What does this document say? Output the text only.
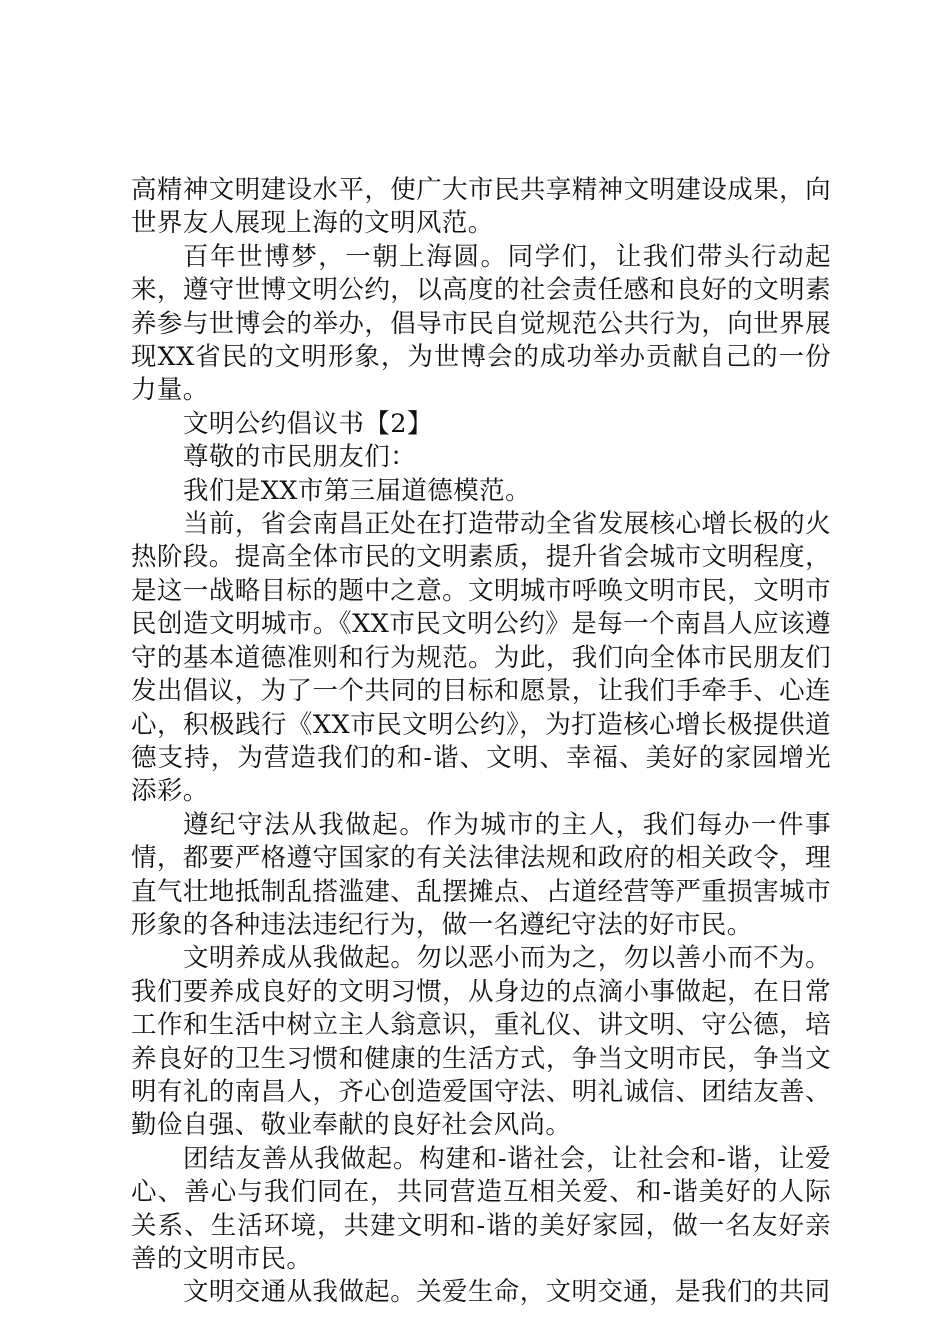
高精神文明建设水平，使广大市民共享精神文明建设成果，向世界友人展现上海的文明风范。

百年世博梦，一朝上海圆。同学们，让我们带头行动起来，遵守世博文明公约，以高度的社会责任感和良好的文明素养参与世博会的举办，倡导市民自觉规范公共行为，向世界展现XX省民的文明形象，为世博会的成功举办贡献自己的一份力量。

文明公约倡议书【2】

尊敬的市民朋友们：

我们是XX市第三届道德模范。

当前，省会南昌正处在打造带动全省发展核心增长极的火热阶段。提高全体市民的文明素质，提升省会城市文明程度，是这一战略目标的题中之意。文明城市呼唤文明市民，文明市民创造文明城市。《XX市民文明公约》是每一个南昌人应该遵守的基本道德准则和行为规范。为此，我们向全体市民朋友们发出倡议，为了一个共同的目标和愿景，让我们手牵手、心连心，积极践行《XX市民文明公约》，为打造核心增长极提供道德支持，为营造我们的和-谐、文明、幸福、美好的家园增光添彩。

遵纪守法从我做起。作为城市的主人，我们每办一件事情，都要严格遵守国家的有关法律法规和政府的相关政令，理直气壮地抵制乱搭滥建、乱摆摊点、占道经营等严重损害城市形象的各种违法违纪行为，做一名遵纪守法的好市民。

文明养成从我做起。勿以恶小而为之，勿以善小而不为。我们要养成良好的文明习惯，从身边的点滴小事做起，在日常工作和生活中树立主人翁意识，重礼仪、讲文明、守公德，培养良好的卫生习惯和健康的生活方式，争当文明市民，争当文明有礼的南昌人，齐心创造爱国守法、明礼诚信、团结友善、勤俭自强、敬业奉献的良好社会风尚。

团结友善从我做起。构建和-谐社会，让社会和-谐，让爱心、善心与我们同在，共同营造互相关爱、和-谐美好的人际关系、生活环境，共建文明和-谐的美好家园，做一名友好亲善的文明市民。

文明交通从我做起。关爱生命，文明交通，是我们的共同
